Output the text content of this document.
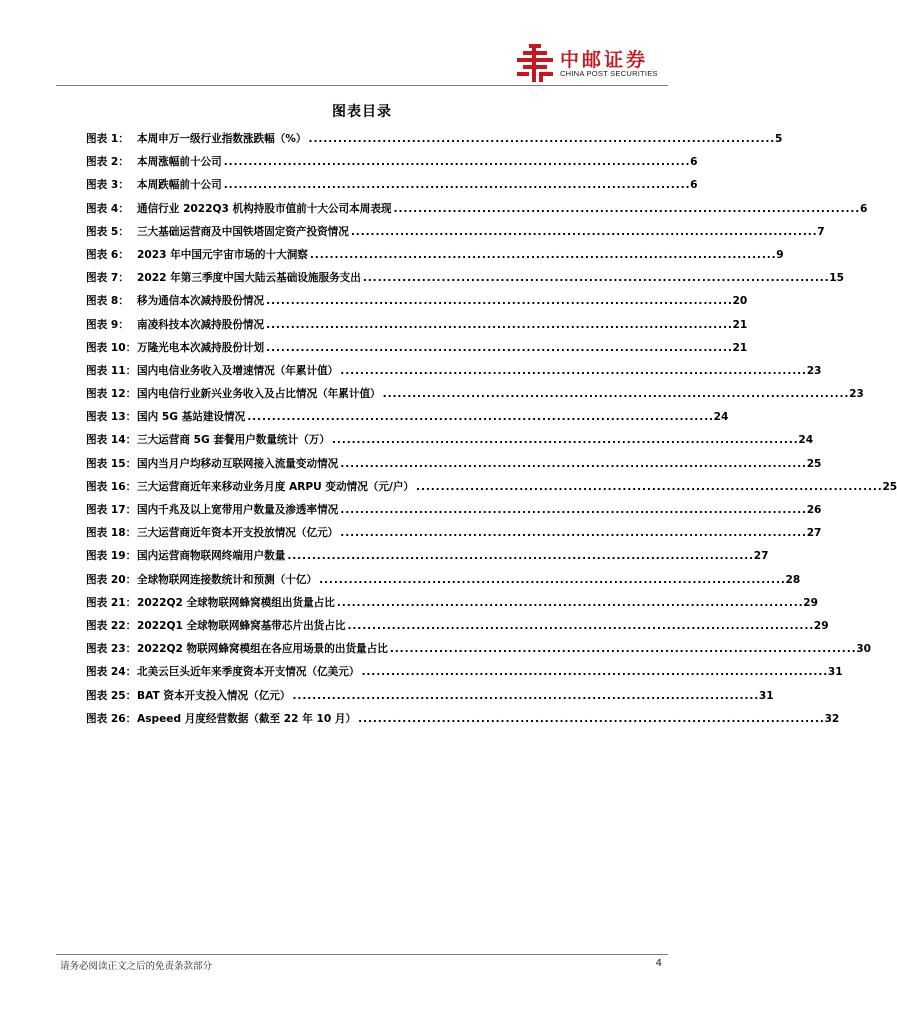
中邮证券
CHINA POST SECURITIES
图表目录
图表 1： 本周申万一级行业指数涨跌幅（%） . . .	5
图表 2： 本周涨幅前十公司 . . .	6
图表 3： 本周跌幅前十公司 . . .	6
图表 4： 通信行业 2022Q3 机构持股市值前十大公司本周表现 . . .	6
图表 5： 三大基础运营商及中国铁塔固定资产投资情况 . . .	7
图表 6： 2023 年中国元宇宙市场的十大洞察 . . .	9
图表 7： 2022 年第三季度中国大陆云基础设施服务支出 . . .	15
图表 8： 移为通信本次减持股份情况 . . .	20
图表 9： 南凌科技本次减持股份情况 . . .	21
图表 10： 万隆光电本次减持股份计划 . . .	21
图表 11： 国内电信业务收入及增速情况（年累计值） . . .	23
图表 12： 国内电信行业新兴业务收入及占比情况（年累计值） . . .	23
图表 13： 国内 5G 基站建设情况 . . .	24
图表 14： 三大运营商 5G 套餐用户数量统计（万） . . .	24
图表 15： 国内当月户均移动互联网接入流量变动情况 . . .	25
图表 16： 三大运营商近年来移动业务月度 ARPU 变动情况（元/户） . . .	25
图表 17： 国内千兆及以上宽带用户数量及渗透率情况 . . .	26
图表 18： 三大运营商近年资本开支投放情况（亿元） . . .	27
图表 19： 国内运营商物联网终端用户数量 . . .	27
图表 20： 全球物联网连接数统计和预测（十亿） . . .	28
图表 21： 2022Q2 全球物联网蜂窝模组出货量占比 . . .	29
图表 22： 2022Q1 全球物联网蜂窝基带芯片出货占比 . . .	29
图表 23： 2022Q2 物联网蜂窝模组在各应用场景的出货量占比 . . .	30
图表 24： 北美云巨头近年来季度资本开支情况（亿美元） . . .	31
图表 25： BAT 资本开支投入情况（亿元） . . .	31
图表 26： Aspeed 月度经营数据（截至 22 年 10 月） . . .	32
请务必阅读正文之后的免责条款部分	4
